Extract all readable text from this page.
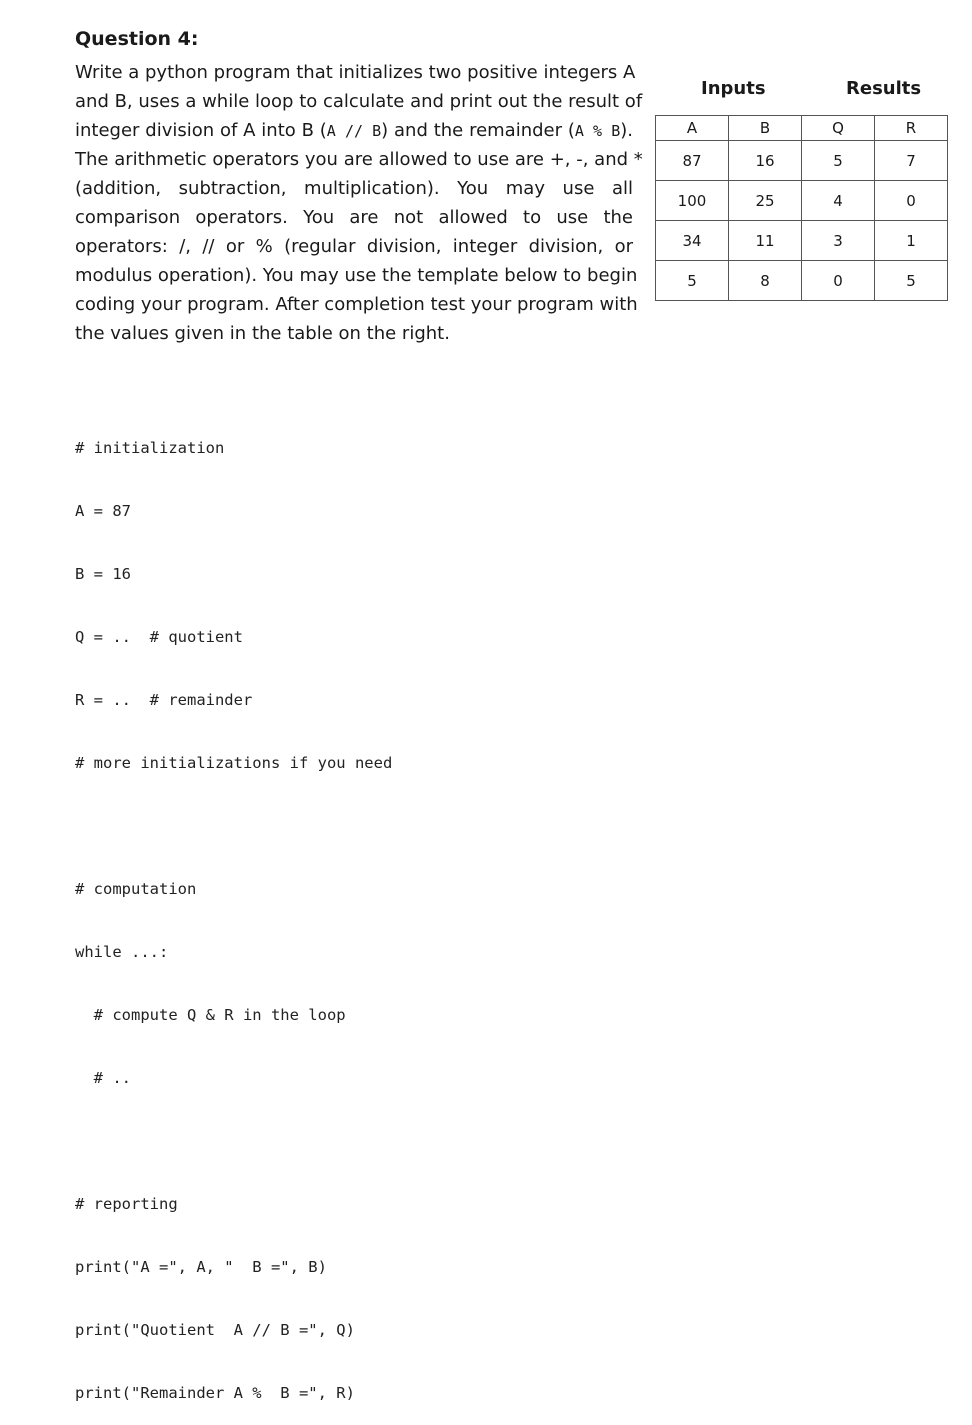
Question 4:
Write a python program that initializes two positive integers A
and B, uses a while loop to calculate and print out the result of
integer division of A into B (A // B) and the remainder (A % B).
The arithmetic operators you are allowed to use are +, -, and *
(addition, subtraction, multiplication). You may use all
comparison operators. You are not allowed to use the
operators: /, // or % (regular division, integer division, or
modulus operation). You may use the template below to begin
coding your program. After completion test your program with
the values given in the table on the right.

# initialization

A = 87

B = 16

Q = ..  # quotient

R = ..  # remainder

# more initializations if you need

# computation

while ...:

# compute Q & R in the loop

# ..

# reporting

print("A =", A, "  B =", B)

print("Quotient  A // B =", Q)

print("Remainder A %  B =", R)

Inputs	Results
A	B	Q	R
87	16	5	7
100	25	4	0
34	11	3	1
5	8	0	5
